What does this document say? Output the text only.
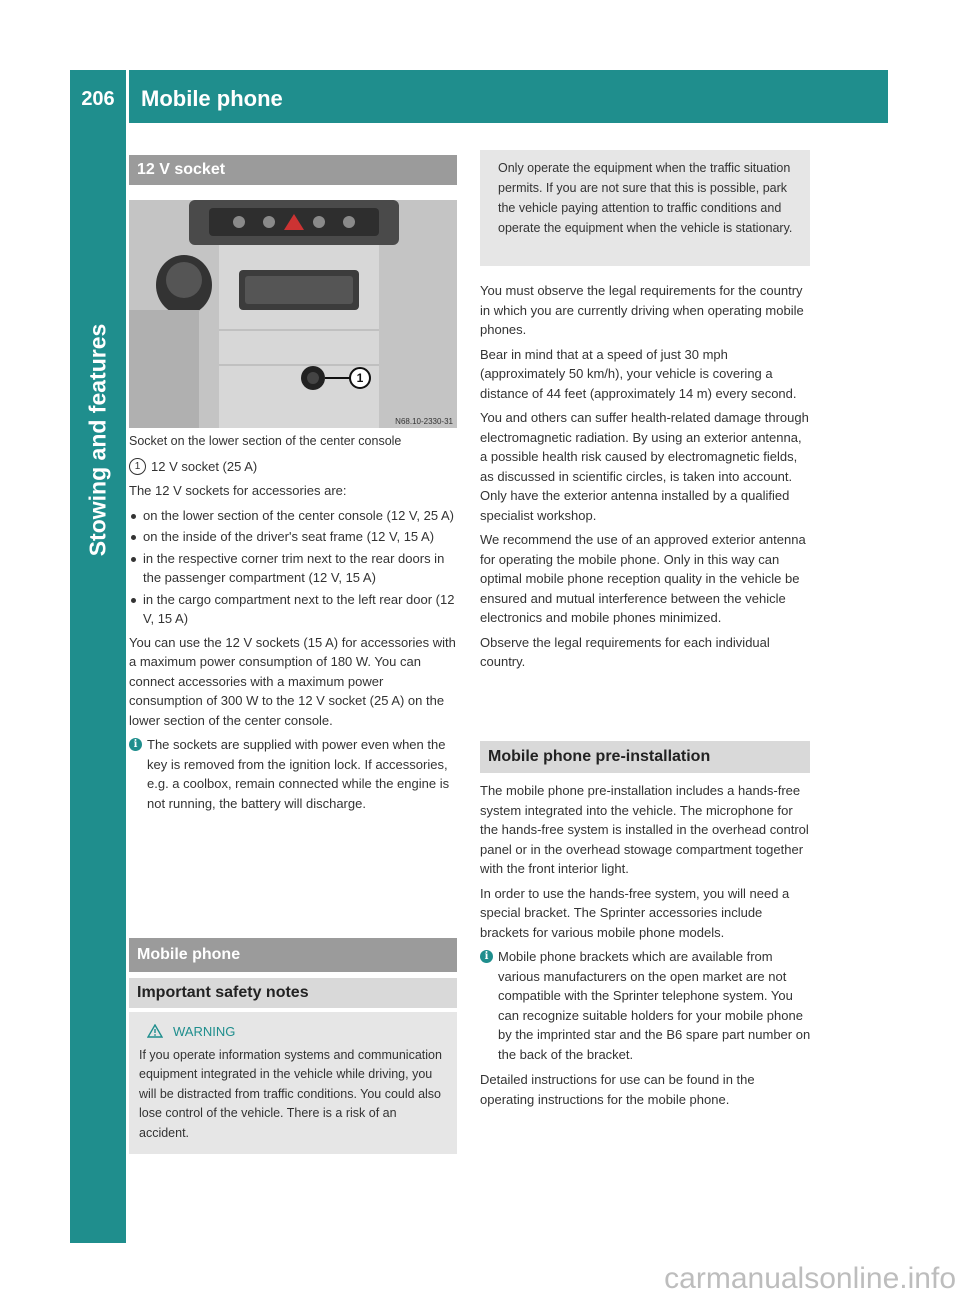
206	Mobile phone
Stowing and features
12 V socket
1
N68.10-2330-31

Socket on the lower section of the center console

1 12 V socket (25 A)

The 12 V sockets for accessories are:

on the lower section of the center console (12 V, 25 A)
on the inside of the driver's seat frame (12 V, 15 A)
in the respective corner trim next to the rear doors in the passenger compartment (12 V, 15 A)
in the cargo compartment next to the left rear door (12 V, 15 A)

You can use the 12 V sockets (15 A) for accessories with a maximum power consumption of 180 W. You can connect accessories with a maximum power consumption of 300 W to the 12 V socket (25 A) on the lower section of the center console.

i The sockets are supplied with power even when the key is removed from the ignition lock. If accessories, e.g. a coolbox, remain connected while the engine is not running, the battery will discharge.
Mobile phone
Important safety notes
WARNING
If you operate information systems and communication equipment integrated in the vehicle while driving, you will be distracted from traffic conditions. You could also lose control of the vehicle. There is a risk of an accident.
Only operate the equipment when the traffic situation permits. If you are not sure that this is possible, park the vehicle paying attention to traffic conditions and operate the equipment when the vehicle is stationary.

You must observe the legal requirements for the country in which you are currently driving when operating mobile phones.

Bear in mind that at a speed of just 30 mph (approximately 50 km/h), your vehicle is covering a distance of 44 feet (approximately 14 m) every second.

You and others can suffer health-related damage through electromagnetic radiation. By using an exterior antenna, a possible health risk caused by electromagnetic fields, as discussed in scientific circles, is taken into account. Only have the exterior antenna installed by a qualified specialist workshop.

We recommend the use of an approved exterior antenna for operating the mobile phone. Only in this way can optimal mobile phone reception quality in the vehicle be ensured and mutual interference between the vehicle electronics and mobile phones minimized.

Observe the legal requirements for each individual country.

Mobile phone pre-installation

The mobile phone pre-installation includes a hands-free system integrated into the vehicle. The microphone for the hands-free system is installed in the overhead control panel or in the overhead stowage compartment together with the front interior light.

In order to use the hands-free system, you will need a special bracket. The Sprinter accessories include brackets for various mobile phone models.

i Mobile phone brackets which are available from various manufacturers on the open market are not compatible with the Sprinter telephone system. You can recognize suitable holders for your mobile phone by the imprinted star and the B6 spare part number on the back of the bracket.

Detailed instructions for use can be found in the operating instructions for the mobile phone.

carmanualsonline.info
